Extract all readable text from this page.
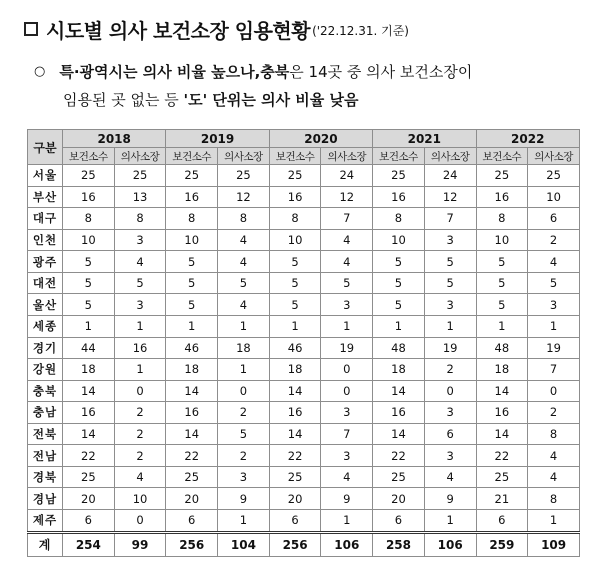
시도별 의사 보건소장 임용현황 ('22.12.31. 기준)
○ 특·광역시는 의사 비율 높으나, 충북 은 14곳 중 의사 보건소장이
임용된 곳 없는 등 '도' 단위는 의사 비율 낮음
구분	2018		2019		2020		2021		2022	
	보건소수	의사소장	보건소수	의사소장	보건소수	의사소장	보건소수	의사소장	보건소수	의사소장
서울	25	25	25	25	25	24	25	24	25	25
부산	16	13	16	12	16	12	16	12	16	10
대구	8	8	8	8	8	7	8	7	8	6
인천	10	3	10	4	10	4	10	3	10	2
광주	5	4	5	4	5	4	5	5	5	4
대전	5	5	5	5	5	5	5	5	5	5
울산	5	3	5	4	5	3	5	3	5	3
세종	1	1	1	1	1	1	1	1	1	1
경기	44	16	46	18	46	19	48	19	48	19
강원	18	1	18	1	18	0	18	2	18	7
충북	14	0	14	0	14	0	14	0	14	0
충남	16	2	16	2	16	3	16	3	16	2
전북	14	2	14	5	14	7	14	6	14	8
전남	22	2	22	2	22	3	22	3	22	4
경북	25	4	25	3	25	4	25	4	25	4
경남	20	10	20	9	20	9	20	9	21	8
제주	6	0	6	1	6	1	6	1	6	1
계	254	99	256	104	256	106	258	106	259	109
